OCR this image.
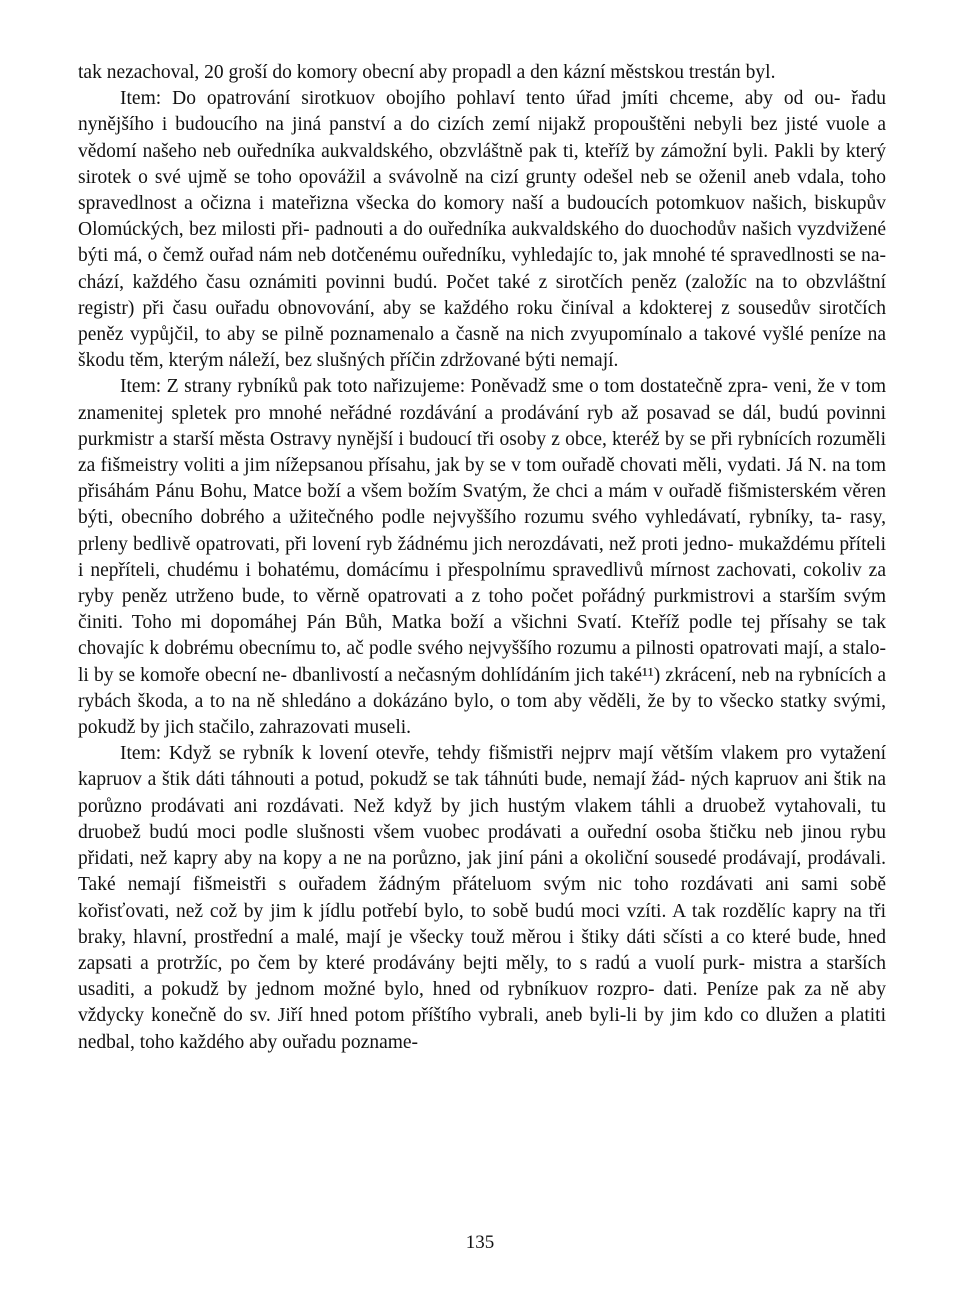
tak nezachoval, 20 groší do komory obecní aby propadl a den kázní městskou trestán byl.

Item: Do opatrování sirotkuov obojího pohlaví tento úřad jmíti chceme, aby od ou- řadu nynějšího i budoucího na jiná panství a do cizích zemí nijakž propouštěni nebyli bez jisté vuole a vědomí našeho neb ouředníka aukvaldského, obzvláštně pak ti, kteříž by zámožní byli. Pakli by který sirotek o své ujmě se toho opovážil a svávolně na cizí grunty odešel neb se oženil aneb vdala, toho spravedlnost a očizna i mateřizna všecka do komory naší a budoucích potomkuov našich, biskupův Olomúckých, bez milosti při- padnouti a do ouředníka aukvaldského do duochodův našich vyzdvižené býti má, o čemž ouřad nám neb dotčenému ouředníku, vyhledajíc to, jak mnohé té spravedlnosti se na- chází, každého času oznámiti povinni budú. Počet také z sirotčích peněz (založíc na to obzvláštní registr) při času ouřadu obnovování, aby se každého roku činíval a kdokterej z sousedův sirotčích peněz vypůjčil, to aby se pilně poznamenalo a časně na nich zvyupomínalo a takové vyšlé peníze na škodu těm, kterým náleží, bez slušných příčin zdržované býti nemají.

Item: Z strany rybníků pak toto nařizujeme: Poněvadž sme o tom dostatečně zpra- veni, že v tom znamenitej spletek pro mnohé neřádné rozdávání a prodávání ryb až posavad se dál, budú povinni purkmistr a starší města Ostravy nynější i budoucí tři osoby z obce, kteréž by se při rybnících rozuměli za fišmeistry voliti a jim nížepsanou přísahu, jak by se v tom ouřadě chovati měli, vydati. Já N. na tom přisáhám Pánu Bohu, Matce boží a všem božím Svatým, že chci a mám v ouřadě fišmisterském věren býti, obecního dobrého a užitečného podle nejvyššího rozumu svého vyhledávatí, rybníky, ta- rasy, prleny bedlivě opatrovati, při lovení ryb žádnému jich nerozdávati, než proti jedno- mukaždému příteli i nepříteli, chudému i bohatému, domácímu i přespolnímu spravedlivů mírnost zachovati, cokoliv za ryby peněz utrženo bude, to věrně opatrovati a z toho počet pořádný purkmistrovi a starším svým činiti. Toho mi dopomáhej Pán Bůh, Matka boží a všichni Svatí. Kteříž podle tej přísahy se tak chovajíc k dobrému obecnímu to, ač podle svého nejvyššího rozumu a pilnosti opatrovati mají, a stalo-li by se komoře obecní ne- dbanlivostí a nečasným dohlídáním jich také¹¹) zkrácení, neb na rybnících a rybách škoda, a to na ně shledáno a dokázáno bylo, o tom aby věděli, že by to všecko statky svými, pokudž by jich stačilo, zahrazovati museli.

Item: Když se rybník k lovení otevře, tehdy fišmistři nejprv mají větším vlakem pro vytažení kapruov a štik dáti táhnouti a potud, pokudž se tak táhnúti bude, nemají žád- ných kapruov ani štik na porůzno prodávati ani rozdávati. Než když by jich hustým vlakem táhli a druobež vytahovali, tu druobež budú moci podle slušnosti všem vuobec prodávati a ouřední osoba štičku neb jinou rybu přidati, než kapry aby na kopy a ne na porůzno, jak jiní páni a okoliční sousedé prodávají, prodávali. Také nemají fišmeistři s ouřadem žádným přáteluom svým nic toho rozdávati ani sami sobě kořisťovati, než což by jim k jídlu potřebí bylo, to sobě budú moci vzíti. A tak rozdělíc kapry na tři braky, hlavní, prostřední a malé, mají je všecky touž měrou i štiky dáti sčísti a co které bude, hned zapsati a protržíc, po čem by které prodávány bejti měly, to s radú a vuolí purk- mistra a starších usaditi, a pokudž by jednom možné bylo, hned od rybníkuov rozpro- dati. Peníze pak za ně aby vždycky konečně do sv. Jiří hned potom příštího vybrali, aneb byli-li by jim kdo co dlužen a platiti nedbal, toho každého aby ouřadu pozname-

135
